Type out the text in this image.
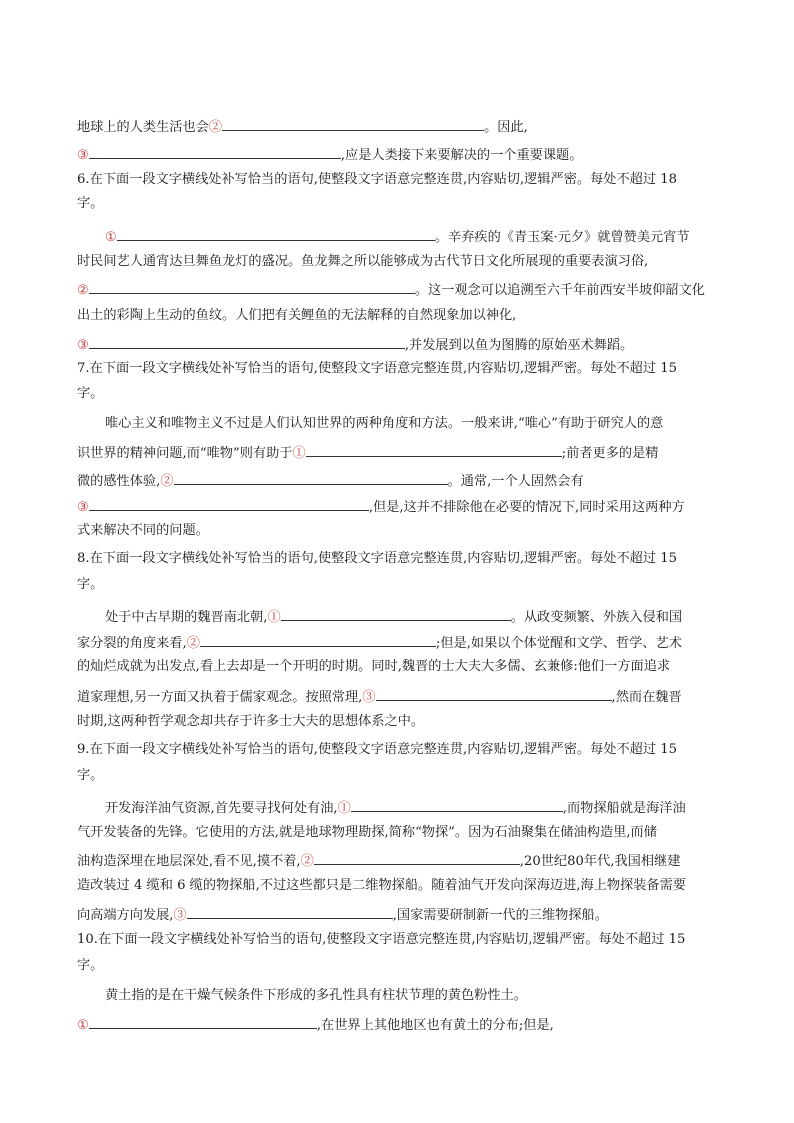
地球上的人类生活也会②	。因此,
③	,应是人类接下来要解决的一个重要课题。
6.在下面一段文字横线处补写恰当的语句,使整段文字语意完整连贯,内容贴切,逻辑严密。每处不超过 18
字。
①	。辛弃疾的《青玉案·元夕》就曾赞美元宵节
时民间艺人通宵达旦舞鱼龙灯的盛况。鱼龙舞之所以能够成为古代节日文化所展现的重要表演习俗,
②	。这一观念可以追溯至六千年前西安半坡仰韶文化
出土的彩陶上生动的鱼纹。人们把有关鲤鱼的无法解释的自然现象加以神化,
③	,并发展到以鱼为图腾的原始巫术舞蹈。
7.在下面一段文字横线处补写恰当的语句,使整段文字语意完整连贯,内容贴切,逻辑严密。每处不超过 15
字。
唯心主义和唯物主义不过是人们认知世界的两种角度和方法。一般来讲,“唯心”有助于研究人的意
识世界的精神问题,而“唯物”则有助于①	;前者更多的是精
微的感性体验,②	。通常,一个人固然会有
③	,但是,这并不排除他在必要的情况下,同时采用这两种方
式来解决不同的问题。
8.在下面一段文字横线处补写恰当的语句,使整段文字语意完整连贯,内容贴切,逻辑严密。每处不超过 15
字。
处于中古早期的魏晋南北朝,①	。从政变频繁、外族入侵和国
家分裂的角度来看,②	;但是,如果以个体觉醒和文学、哲学、艺术
的灿烂成就为出发点,看上去却是一个开明的时期。同时,魏晋的士大夫大多儒、玄兼修:他们一方面追求
道家理想,另一方面又执着于儒家观念。按照常理,③	,然而在魏晋
时期,这两种哲学观念却共存于许多士大夫的思想体系之中。
9.在下面一段文字横线处补写恰当的语句,使整段文字语意完整连贯,内容贴切,逻辑严密。每处不超过 15
字。
开发海洋油气资源,首先要寻找何处有油,①	,而物探船就是海洋油
气开发装备的先锋。它使用的方法,就是地球物理勘探,简称“物探”。因为石油聚集在储油构造里,而储
油构造深埋在地层深处,看不见,摸不着,②	,20世纪80年代,我国相继建
造改装过 4 缆和 6 缆的物探船,不过这些都只是二维物探船。随着油气开发向深海迈进,海上物探装备需要
向高端方向发展,③	,国家需要研制新一代的三维物探船。
10.在下面一段文字横线处补写恰当的语句,使整段文字语意完整连贯,内容贴切,逻辑严密。每处不超过 15
字。
黄土指的是在干燥气候条件下形成的多孔性具有柱状节理的黄色粉性土。
①	,在世界上其他地区也有黄土的分布;但是,
